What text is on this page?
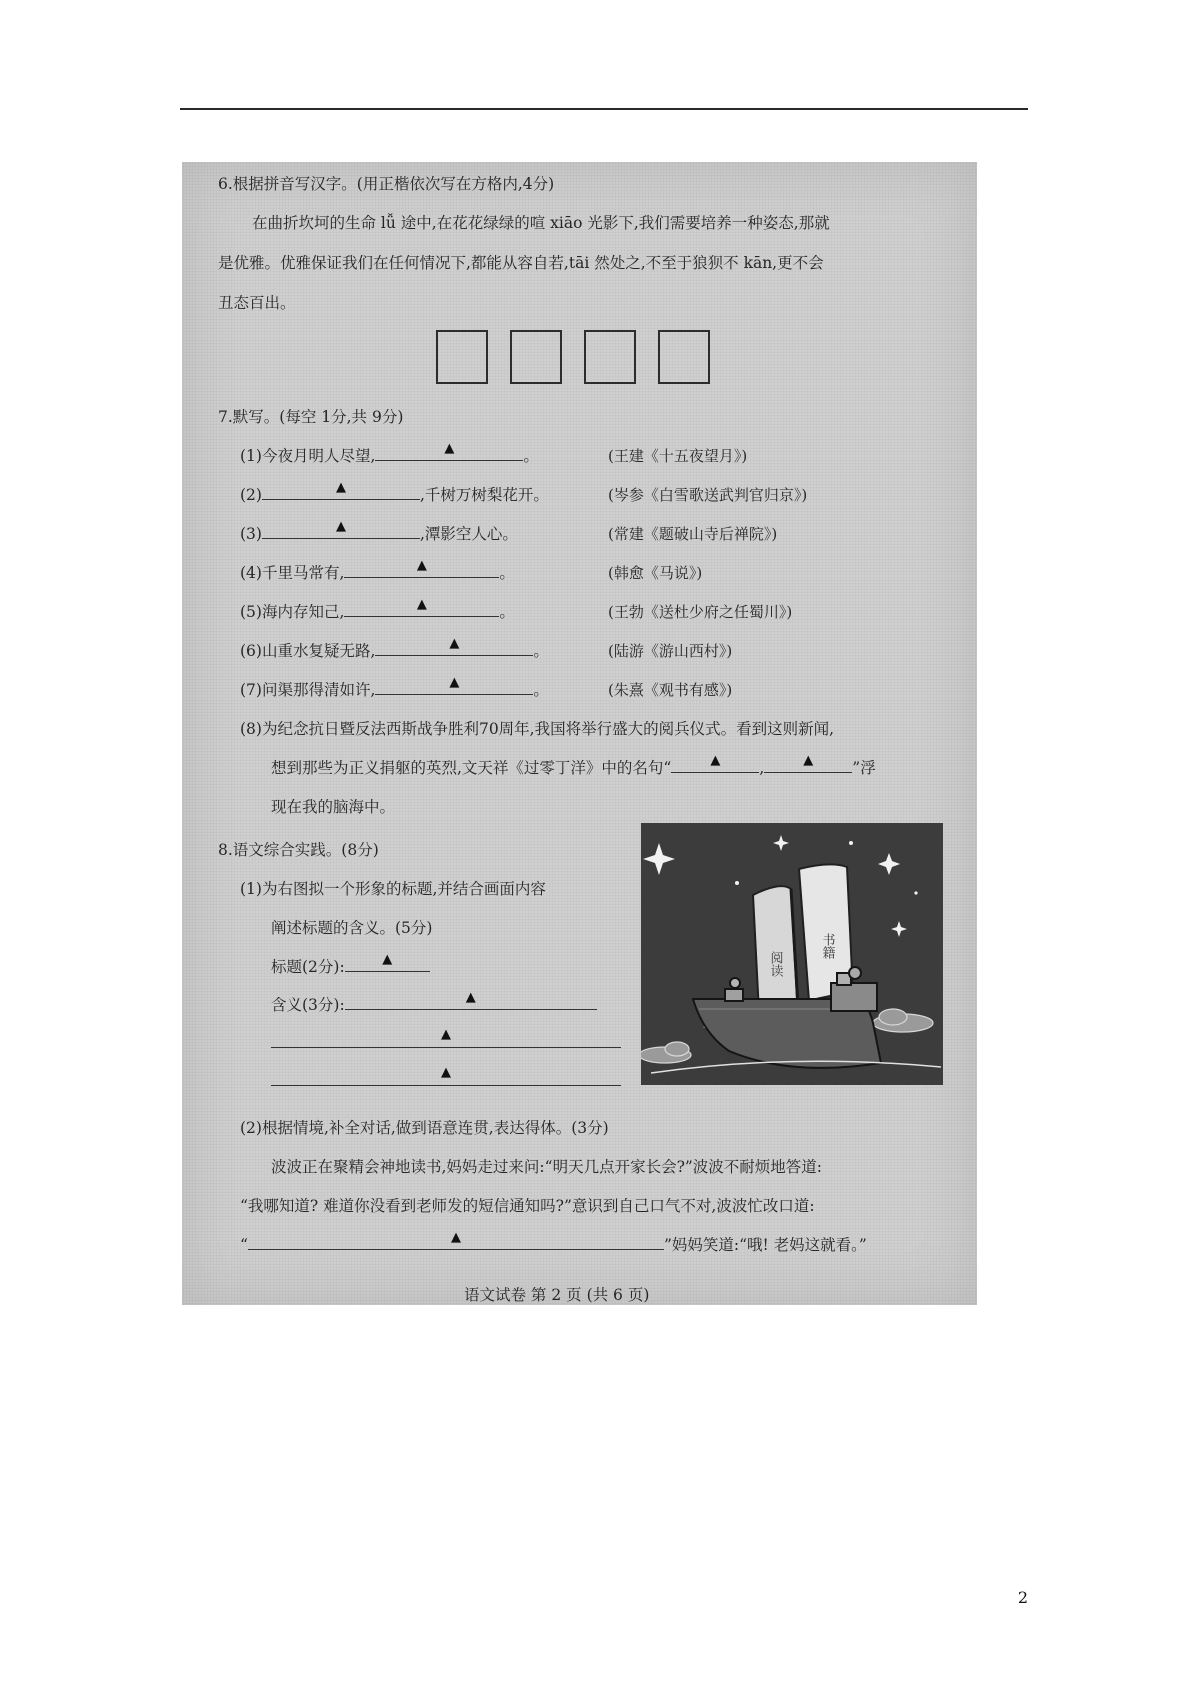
6.根据拼音写汉字。(用正楷依次写在方格内,4分)
在曲折坎坷的生命 lǚ 途中,在花花绿绿的喧 xiāo 光影下,我们需要培养一种姿态,那就
是优雅。优雅保证我们在任何情况下,都能从容自若,tāi 然处之,不至于狼狈不 kān,更不会
丑态百出。
7.默写。(每空 1分,共 9分)
(1)今夜月明人尽望,	▲	。	(王建《十五夜望月》)
(2)	▲	,千树万树梨花开。	(岑参《白雪歌送武判官归京》)
(3)	▲	,潭影空人心。	(常建《题破山寺后禅院》)
(4)千里马常有,	▲	。	(韩愈《马说》)
(5)海内存知己,	▲	。	(王勃《送杜少府之任蜀川》)
(6)山重水复疑无路,	▲	。	(陆游《游山西村》)
(7)问渠那得清如许,	▲	。	(朱熹《观书有感》)
(8)为纪念抗日暨反法西斯战争胜利70周年,我国将举行盛大的阅兵仪式。看到这则新闻,
想到那些为正义捐躯的英烈,文天祥《过零丁洋》中的名句“	▲	,	▲	”浮
现在我的脑海中。
8.语文综合实践。(8分)
(1)为右图拟一个形象的标题,并结合画面内容
阐述标题的含义。(5分)
标题(2分):	▲
含义(3分):	▲
▲
▲
阅读
书籍
(2)根据情境,补全对话,做到语意连贯,表达得体。(3分)
波波正在聚精会神地读书,妈妈走过来问:“明天几点开家长会?”波波不耐烦地答道:
“我哪知道? 难道你没看到老师发的短信通知吗?”意识到自己口气不对,波波忙改口道:
“	▲	”妈妈笑道:“哦! 老妈这就看。”
语文试卷 第 2 页 (共 6 页)
2
